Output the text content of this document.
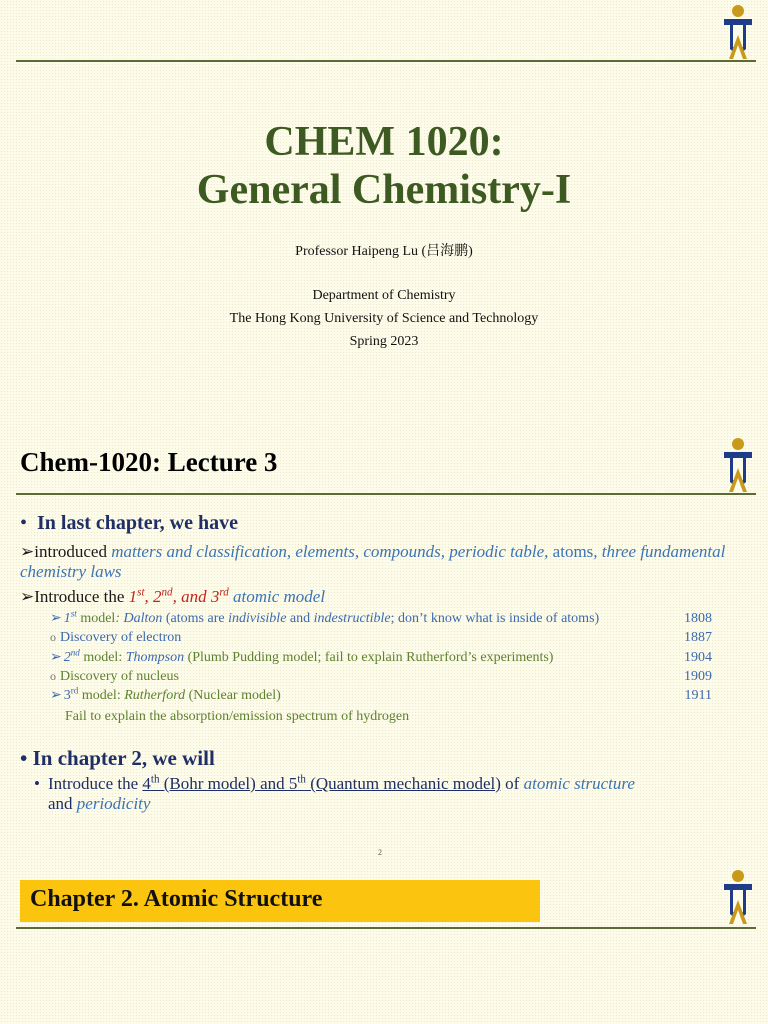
CHEM 1020:
General Chemistry-I
Professor Haipeng Lu (吕海鹏)
Department of Chemistry
The Hong Kong University of Science and Technology
Spring 2023
Chem-1020: Lecture 3
• In last chapter, we have
➢introduced matters and classification, elements, compounds, periodic table, atoms, three fundamental chemistry laws
➢Introduce the 1st, 2nd, and 3rd atomic model
➢ 1st model: Dalton (atoms are indivisible and indestructible; don’t know what is inside of atoms)	1808
o Discovery of electron	1887
➢ 2nd model: Thompson (Plumb Pudding model; fail to explain Rutherford’s experiments)	1904
o Discovery of nucleus	1909
➢ 3rd model: Rutherford (Nuclear model)	1911
Fail to explain the absorption/emission spectrum of hydrogen
• In chapter 2, we will
• Introduce the 4th (Bohr model) and 5th (Quantum mechanic model) of atomic structure
and periodicity
2
Chapter 2. Atomic Structure
